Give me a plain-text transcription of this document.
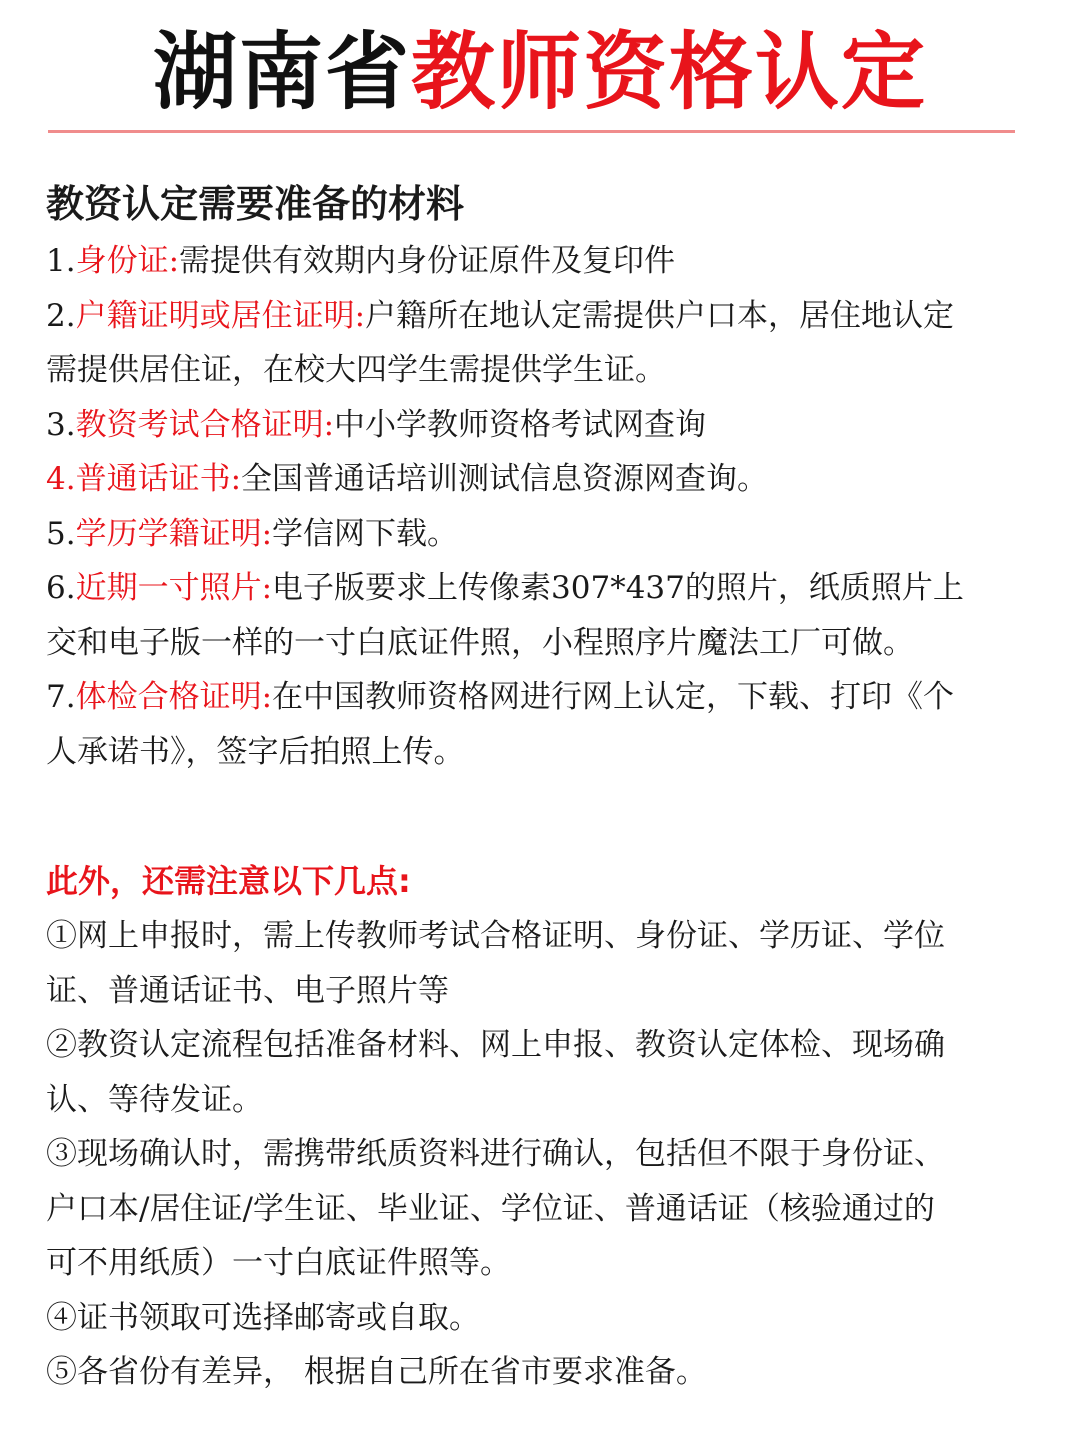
湖南省教师资格认定
教资认定需要准备的材料
1.身份证:需提供有效期内身份证原件及复印件
2.户籍证明或居住证明:户籍所在地认定需提供户口本，居住地认定
需提供居住证，在校大四学生需提供学生证。
3.教资考试合格证明:中小学教师资格考试网查询
4.普通话证书:全国普通话培训测试信息资源网查询。
5.学历学籍证明:学信网下载。
6.近期一寸照片:电子版要求上传像素307*437的照片，纸质照片上
交和电子版一样的一寸白底证件照，小程照序片魔法工厂可做。
7.体检合格证明:在中国教师资格网进行网上认定，下载、打印《个
人承诺书》，签字后拍照上传。
此外，还需注意以下几点:
①网上申报时，需上传教师考试合格证明、身份证、学历证、学位
证、普通话证书、电子照片等
②教资认定流程包括准备材料、网上申报、教资认定体检、现场确
认、等待发证。
③现场确认时，需携带纸质资料进行确认，包括但不限于身份证、
户口本/居住证/学生证、毕业证、学位证、普通话证（核验通过的
可不用纸质）一寸白底证件照等。
④证书领取可选择邮寄或自取。
⑤各省份有差异， 根据自己所在省市要求准备。
